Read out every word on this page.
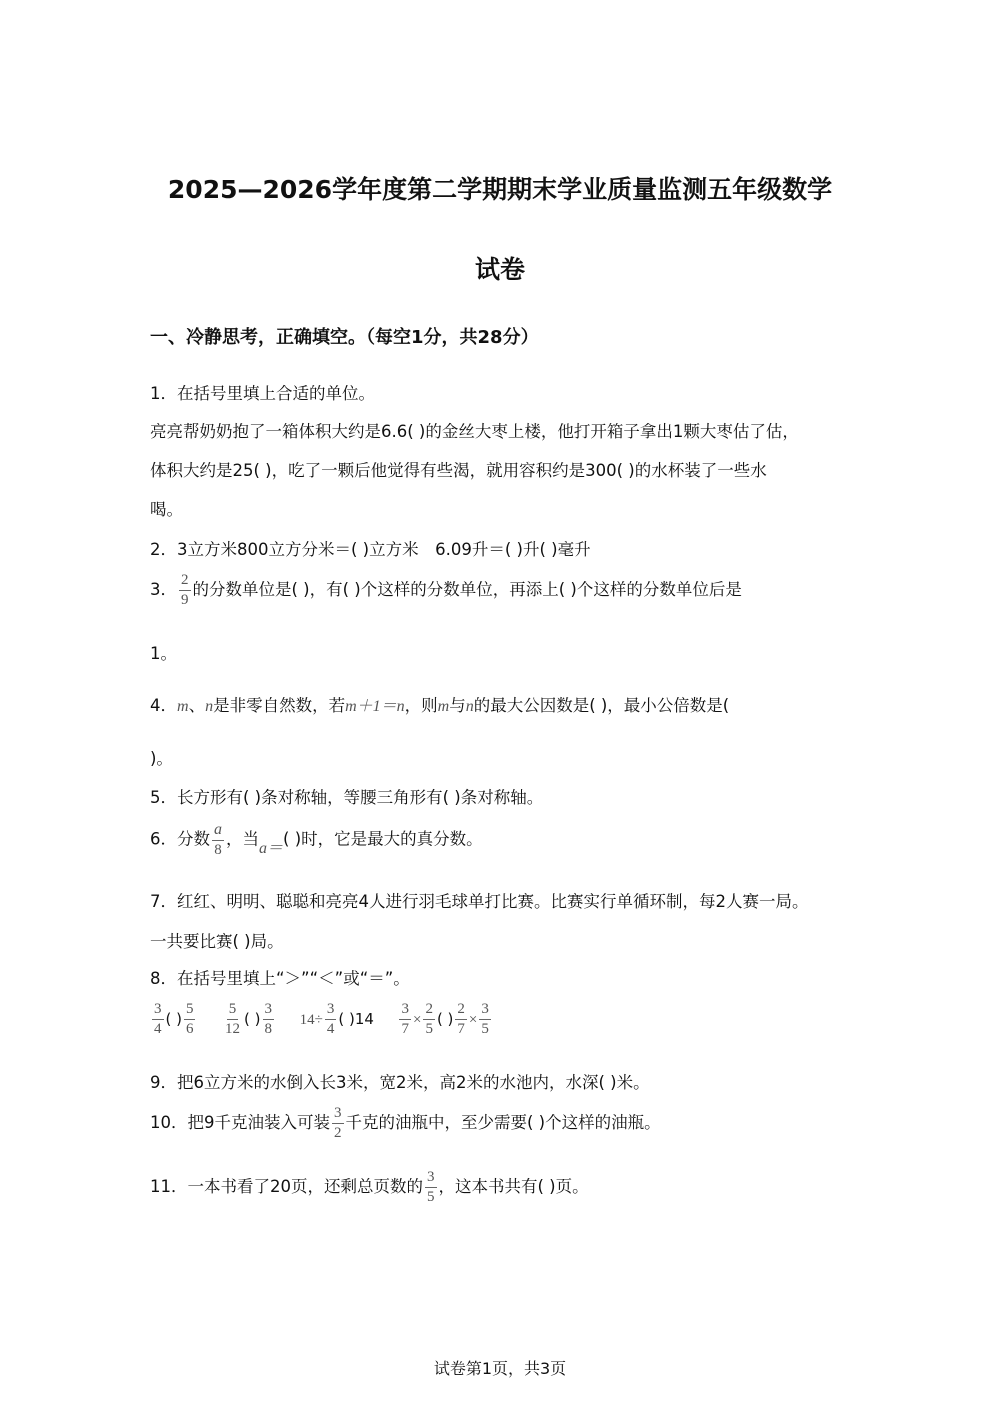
2025—2026学年度第二学期期末学业质量监测五年级数学
试卷
一、冷静思考，正确填空。（每空1分，共28分）
1．在括号里填上合适的单位。
亮亮帮奶奶抱了一箱体积大约是6.6( )的金丝大枣上楼，他打开箱子拿出1颗大枣估了估，
体积大约是25( )，吃了一颗后他觉得有些渴，就用容积约是300( )的水杯装了一些水
喝。
2．3立方米800立方分米＝( )立方米　6.09升＝( )升( )毫升
3． $\frac{2}{9}$ 的分数单位是( )，有( )个这样的分数单位，再添上( )个这样的分数单位后是
1。
4．m、n是非零自然数，若m＋1＝n，则m与n的最大公因数是( )，最小公倍数是(
)。
5．长方形有( )条对称轴，等腰三角形有( )条对称轴。
6．分数 $\frac{a}{8}$ ，当a＝( )时，它是最大的真分数。
7．红红、明明、聪聪和亮亮4人进行羽毛球单打比赛。比赛实行单循环制，每2人赛一局。
一共要比赛( )局。
8．在括号里填上“＞”“＜”或“＝”。
$\frac{3}{4}$ ( ) $\frac{5}{6}$
$\frac{5}{12}$ ( ) $\frac{3}{8} 14\div \frac{3}{4}$ ( )$14 \frac{3}{7} \times \frac{2}{5}$ ( ) $\frac{2}{7} \times \frac{3}{5}$
9．把6立方米的水倒入长3米，宽2米，高2米的水池内，水深( )米。
10．把9千克油装入可装 $\frac{3}{2}$ 千克的油瓶中，至少需要( )个这样的油瓶。
11．一本书看了20页，还剩总页数的 $\frac{3}{5}$ ，这本书共有( )页。
试卷第1页，共3页
